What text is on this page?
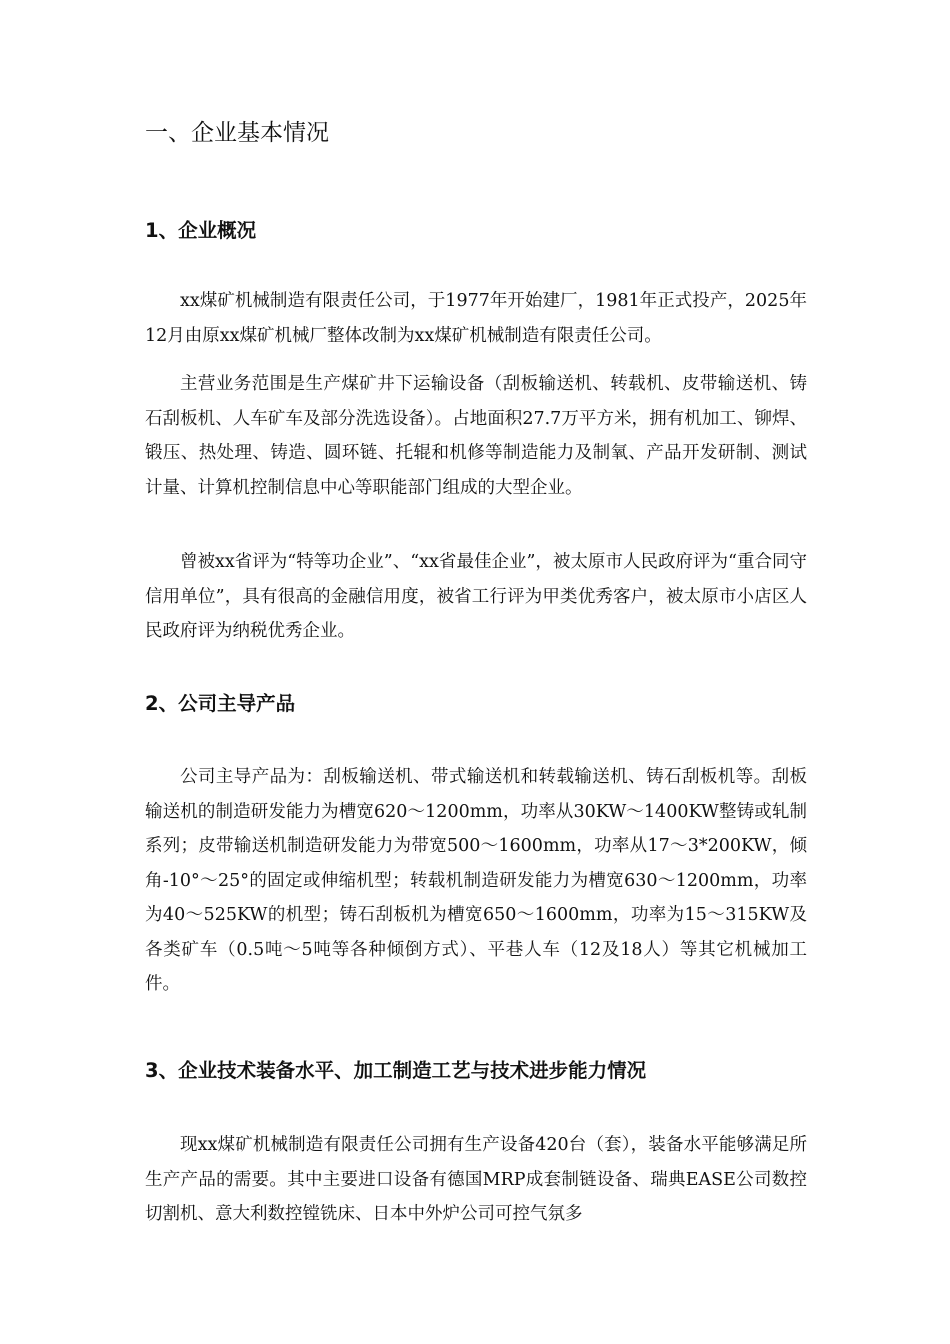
一、企业基本情况
1、企业概况

xx煤矿机械制造有限责任公司，于1977年开始建厂，1981年正式投产，2025年12月由原xx煤矿机械厂整体改制为xx煤矿机械制造有限责任公司。

主营业务范围是生产煤矿井下运输设备（刮板输送机、转载机、皮带输送机、铸石刮板机、人车矿车及部分洗选设备）。占地面积27.7万平方米，拥有机加工、铆焊、锻压、热处理、铸造、圆环链、托辊和机修等制造能力及制氧、产品开发研制、测试计量、计算机控制信息中心等职能部门组成的大型企业。

曾被xx省评为“特等功企业”、“xx省最佳企业”，被太原市人民政府评为“重合同守信用单位”，具有很高的金融信用度，被省工行评为甲类优秀客户，被太原市小店区人民政府评为纳税优秀企业。

2、公司主导产品

公司主导产品为：刮板输送机、带式输送机和转载输送机、铸石刮板机等。刮板输送机的制造研发能力为槽宽620～1200mm，功率从30KW～1400KW整铸或轧制系列；皮带输送机制造研发能力为带宽500～1600mm，功率从17～3*200KW，倾角-10°～25°的固定或伸缩机型；转载机制造研发能力为槽宽630～1200mm，功率为40～525KW的机型；铸石刮板机为槽宽650～1600mm，功率为15～315KW及各类矿车（0.5吨～5吨等各种倾倒方式）、平巷人车（12及18人）等其它机械加工件。

3、企业技术装备水平、加工制造工艺与技术进步能力情况

现xx煤矿机械制造有限责任公司拥有生产设备420台（套），装备水平能够满足所生产产品的需要。其中主要进口设备有德国MRP成套制链设备、瑞典EASE公司数控切割机、意大利数控镗铣床、日本中外炉公司可控气氛多
